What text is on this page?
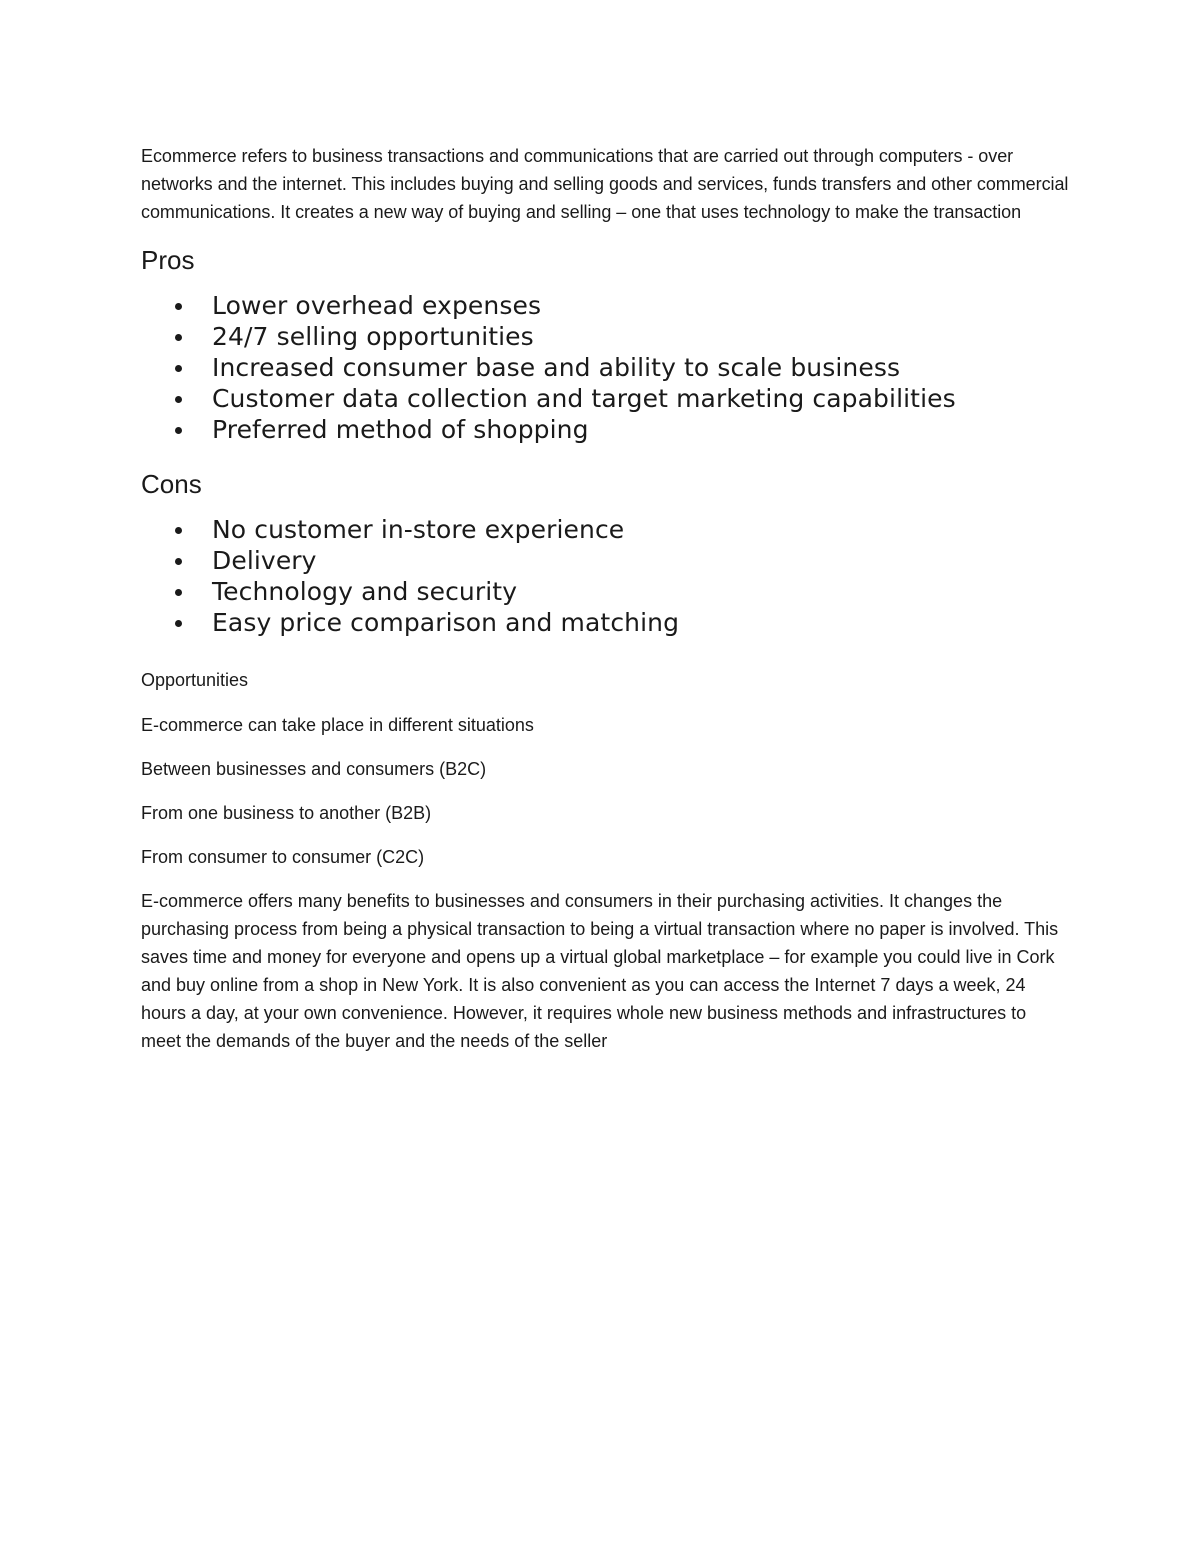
Ecommerce refers to business transactions and communications that are carried out through computers - over networks and the internet. This includes buying and selling goods and services, funds transfers and other commercial communications. It creates a new way of buying and selling – one that uses technology to make the transaction

Pros
Lower overhead expenses
24/7 selling opportunities
Increased consumer base and ability to scale business
Customer data collection and target marketing capabilities
Preferred method of shopping
Cons
No customer in-store experience
Delivery
Technology and security
Easy price comparison and matching

Opportunities

E-commerce can take place in different situations

Between businesses and consumers (B2C)

From one business to another (B2B)

From consumer to consumer (C2C)

E-commerce offers many benefits to businesses and consumers in their purchasing activities. It changes the purchasing process from being a physical transaction to being a virtual transaction where no paper is involved. This saves time and money for everyone and opens up a virtual global marketplace – for example you could live in Cork and buy online from a shop in New York. It is also convenient as you can access the Internet 7 days a week, 24 hours a day, at your own convenience. However, it requires whole new business methods and infrastructures to meet the demands of the buyer and the needs of the seller
